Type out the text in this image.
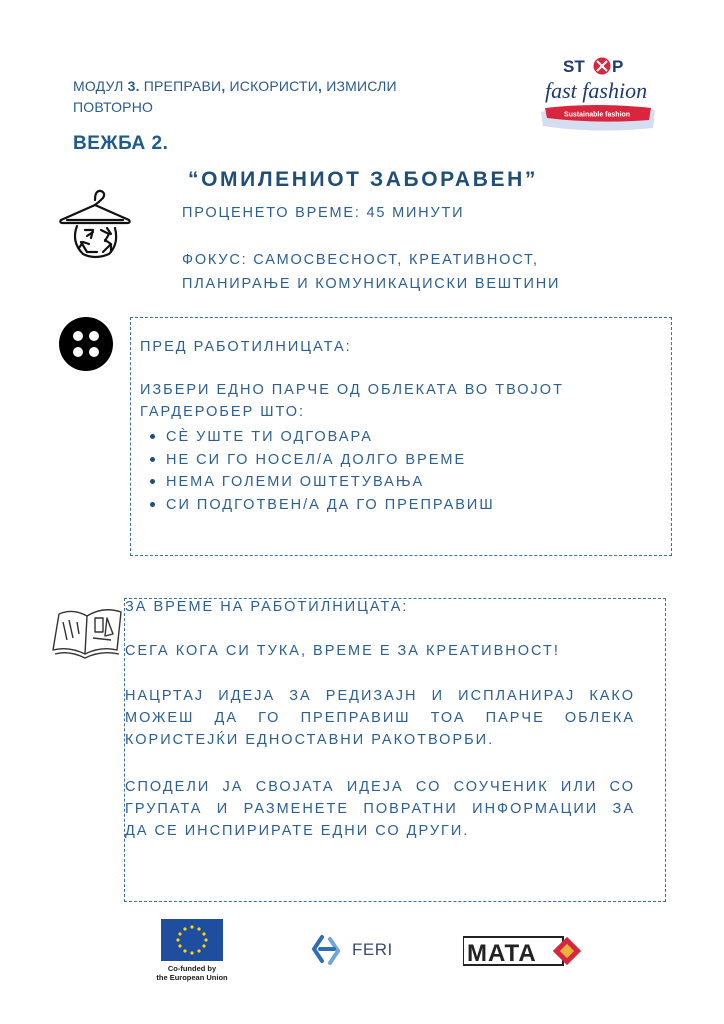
МОДУЛ 3. ПРЕПРАВИ, ИСКОРИСТИ, ИЗМИСЛИ
ПОВТОРНО
ВЕЖБА 2.
“ОМИЛЕНИОТ ЗАБОРАВЕН”
ПРОЦЕНЕТО ВРЕМЕ: 45 МИНУТИ
ФОКУС: САМОСВЕСНОСТ, КРЕАТИВНОСТ, ПЛАНИРАЊЕ И КОМУНИКАЦИСКИ ВЕШТИНИ
Sustainable fashion
ST P
fast fashion
ПРЕД РАБОТИЛНИЦАТА:
ИЗБЕРИ ЕДНО ПАРЧЕ ОД ОБЛЕКАТА ВО ТВОЈОТ ГАРДЕРОБЕР ШТО:
СÈ УШТЕ ТИ ОДГОВАРА
НЕ СИ ГО НОСЕЛ/А ДОЛГО ВРЕМЕ
НЕМА ГОЛЕМИ ОШТЕТУВАЊА
СИ ПОДГОТВЕН/А ДА ГО ПРЕПРАВИШ
ЗА ВРЕМЕ НА РАБОТИЛНИЦАТА:
СЕГА КОГА СИ ТУКА, ВРЕМЕ Е ЗА КРЕАТИВНОСТ!
НАЦРТАЈ ИДЕЈА ЗА РЕДИЗАЈН И ИСПЛАНИРАЈ КАКО
МОЖЕШ ДА ГО ПРЕПРАВИШ ТОА ПАРЧЕ ОБЛЕКА
КОРИСТЕЈЌИ ЕДНОСТАВНИ РАКОТВОРБИ.
СПОДЕЛИ ЈА СВОЈАТА ИДЕЈА СО СОУЧЕНИК ИЛИ СО
ГРУПАТА И РАЗМЕНЕТЕ ПОВРАТНИ ИНФОРМАЦИИ ЗА
ДА СЕ ИНСПИРИРАТЕ ЕДНИ СО ДРУГИ.
Co-funded by
the European Union
FERI	MATA
